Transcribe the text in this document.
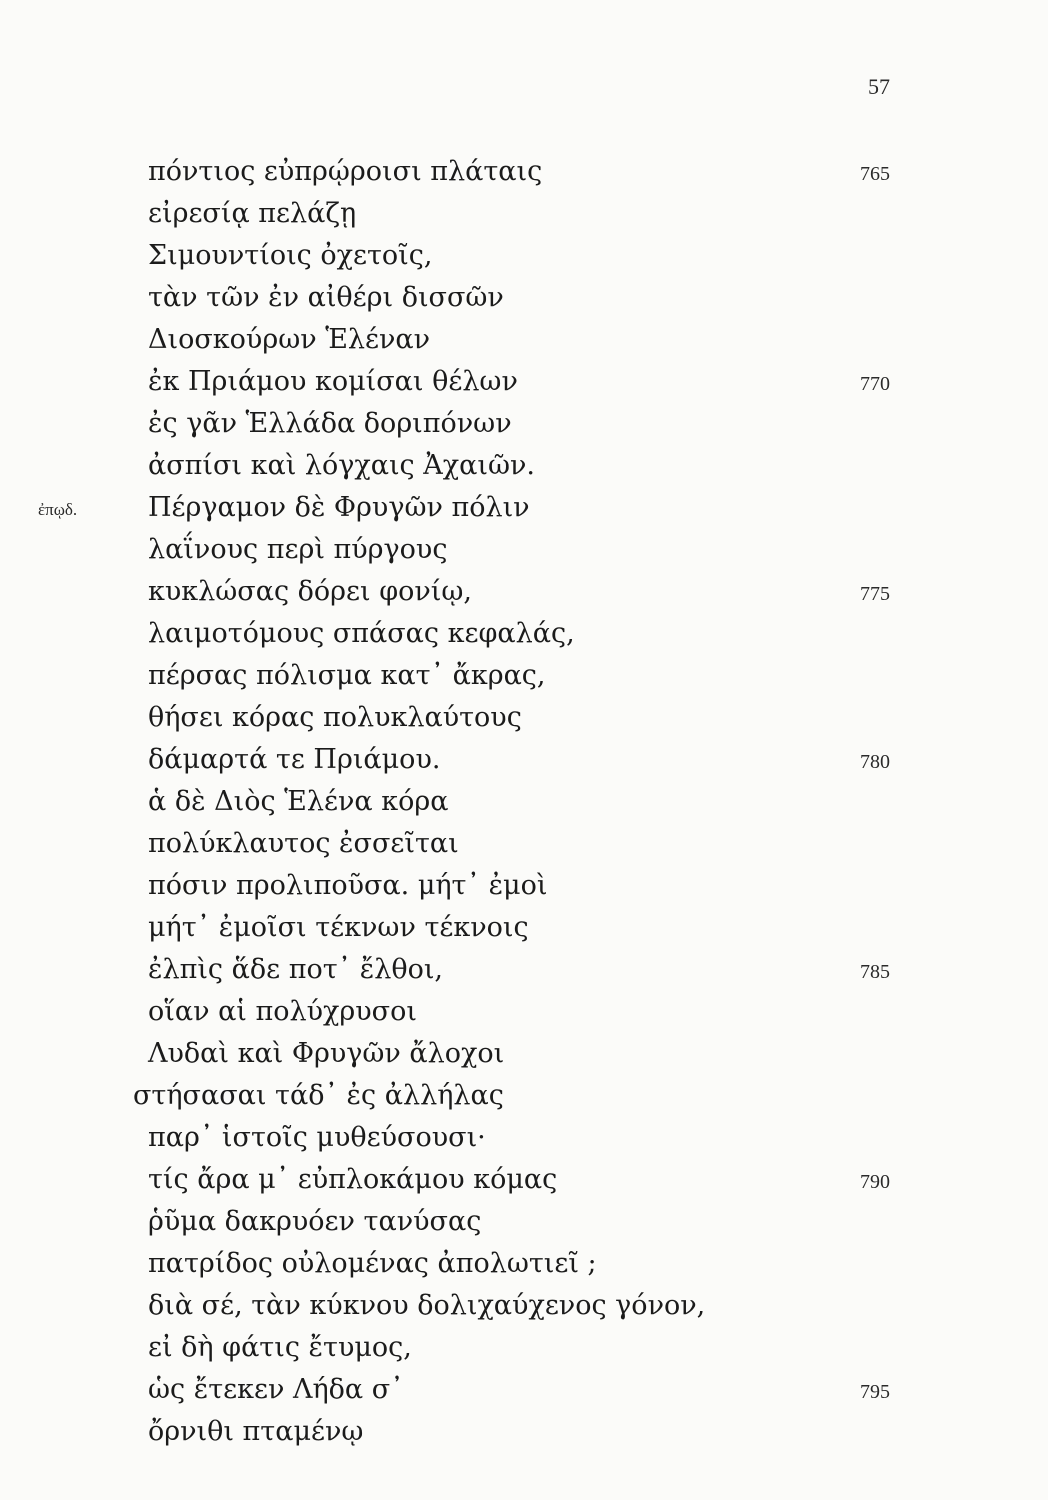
57
ἐπῳδ.
πόντιος εὐπρῴροισι πλάταις
εἰρεσίᾳ πελάζῃ
Σιμουντίοις ὀχετοῖς,
τὰν τῶν ἐν αἰθέρι δισσῶν
Διοσκούρων Ἑλέναν
ἐκ Πριάμου κομίσαι θέλων
ἐς γᾶν Ἑλλάδα δοριπόνων
ἀσπίσι καὶ λόγχαις Ἀχαιῶν.
Πέργαμον δὲ Φρυγῶν πόλιν
λαΐνους περὶ πύργους
κυκλώσας δόρει φονίῳ,
λαιμοτόμους σπάσας κεφαλάς,
πέρσας πόλισμα κατ᾽ ἄκρας,
θήσει κόρας πολυκλαύτους
δάμαρτά τε Πριάμου.
ἁ δὲ Διὸς Ἑλένα κόρα
πολύκλαυτος ἐσσεῖται
πόσιν προλιποῦσα. μήτ᾽ ἐμοὶ
μήτ᾽ ἐμοῖσι τέκνων τέκνοις
ἐλπὶς ἅδε ποτ᾽ ἔλθοι,
οἵαν αἱ πολύχρυσοι
Λυδαὶ καὶ Φρυγῶν ἄλοχοι
στήσασαι τάδ᾽ ἐς ἀλλήλας
παρ᾽ ἱστοῖς μυθεύσουσι·
τίς ἄρα μ᾽ εὐπλοκάμου κόμας
ῥῦμα δακρυόεν τανύσας
πατρίδος οὐλομένας ἀπολωτιεῖ ;
διὰ σέ, τὰν κύκνου δολιχαύχενος γόνον,
εἰ δὴ φάτις ἔτυμος,
ὡς ἔτεκεν Λήδα σ᾽
ὄρνιθι πταμένῳ
765
770
775
780
785
790
795
